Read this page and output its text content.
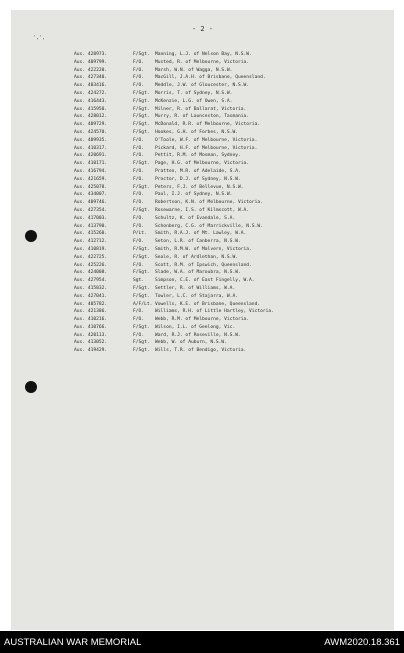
',',
- 2 -
Aus. 420973.	F/Sgt.	Manning, L.J. of Nelson Bay, N.S.W.
Aus. 409799.	F/O.	Musted, R. of Melbourne, Victoria.
Aus. 422220.	F/O.	Marsh, W.N. of Wagga, N.S.W.
Aus. 427340.	F/O.	MacGill, J.A.H. of Brisbane, Queensland.
Aus. 403416.	F/O.	Meddle, J.W. of Gloucester, N.S.W.
Aus. 424272.	F/Sgt.	Morris, T. of Sydney, N.S.W.
Aus. 416443.	F/Sgt.	McKenzie, L.G. of Owen, S.A.
Aus. 415950.	F/Sgt.	Milner, R. of Ballarat, Victoria.
Aus. 428012.	F/Sgt.	Murry, R. of Launceston, Tasmania.
Aus. 409729.	F/Sgt.	McDonald, R.R. of Melbourne, Victoria.
Aus. 424570.	F/Sgt.	Hookes, G.H. of Forbes, N.S.W.
Aus. 409935.	F/O.	O'Toole, W.F. of Melbourne, Victoria.
Aus. 410317.	F/O.	Pickard, H.F. of Melbourne, Victoria.
Aus. 420691.	F/O.	Pettit, R.M. of Mosman, Sydney.
Aus. 410171.	F/Sgt.	Page, H.G. of Melbourne, Victoria.
Aus. 416794.	F/O.	Pratten, M.R. of Adelaide, S.A.
Aus. 421659.	F/O.	Proctor, D.J. of Sydney, N.S.W.
Aus. 425078.	F/Sgt.	Peters, F.J. of Bellevue, N.S.W.
Aus. 434007.	F/O.	Paul, I.J. of Sydney, N.S.W.
Aus. 409746.	F/O.	Robertson, K.N. of Melbourne, Victoria.
Aus. 427354.	F/Sgt.	Rosewarne, I.S. of Kilmscott, W.A.
Aus. 417003.	F/O.	Schultz, K. of Evandale, S.A.
Aus. 413790.	F/O.	Schonberg, C.G. of Marrickville, N.S.W.
Aus. 415260.	P/Lt.	Smith, R.A.J. of Mt. Lawley, W.A.
Aus. 412712.	F/O.	Seton, L.R. of Canberra, N.S.W.
Aus. 410819.	F/Sgt.	Smith, R.M.W. of Malvern, Victoria.
Aus. 422725.	F/Sgt.	Seale, R. of Ardlethan, N.S.W.
Aus. 425226.	F/O.	Scott, R.M. of Ipswich, Queensland.
Aus. 424008.	F/Sgt.	Slade, W.A. of Maroubra, N.S.W.
Aus. 427954.	Sgt.	Simpson, C.E. of East Fingelly, W.A.
Aus. 415832.	F/Sgt.	Settler, R. of Williams, W.A.
Aus. 427041.	F/Sgt.	Towler, L.C. of Stajarra, W.A.
Aus. 405782.	A/F/Lt. Vowells, K.E. of Brisbane, Queensland.
Aus. 421386.	F/O.	Williams, R.H. of Little Hartley, Victoria.
Aus. 410216.	F/O.	Webb, R.M. of Melbourne, Victoria.
Aus. 410766.	F/Sgt.	Wilson, I.L. of Geelong, Vic.
Aus. 420113.	F/O.	Ward, R.J. of Roseville, N.S.W.
Aus. 413052.	F/Sgt.	Webb, W. of Auburn, N.S.W.
Aus. 419429.	F/Sgt.	Wills, T.R. of Bendigo, Victoria.
AUSTRALIAN WAR MEMORIAL	AWM2020.18.361
